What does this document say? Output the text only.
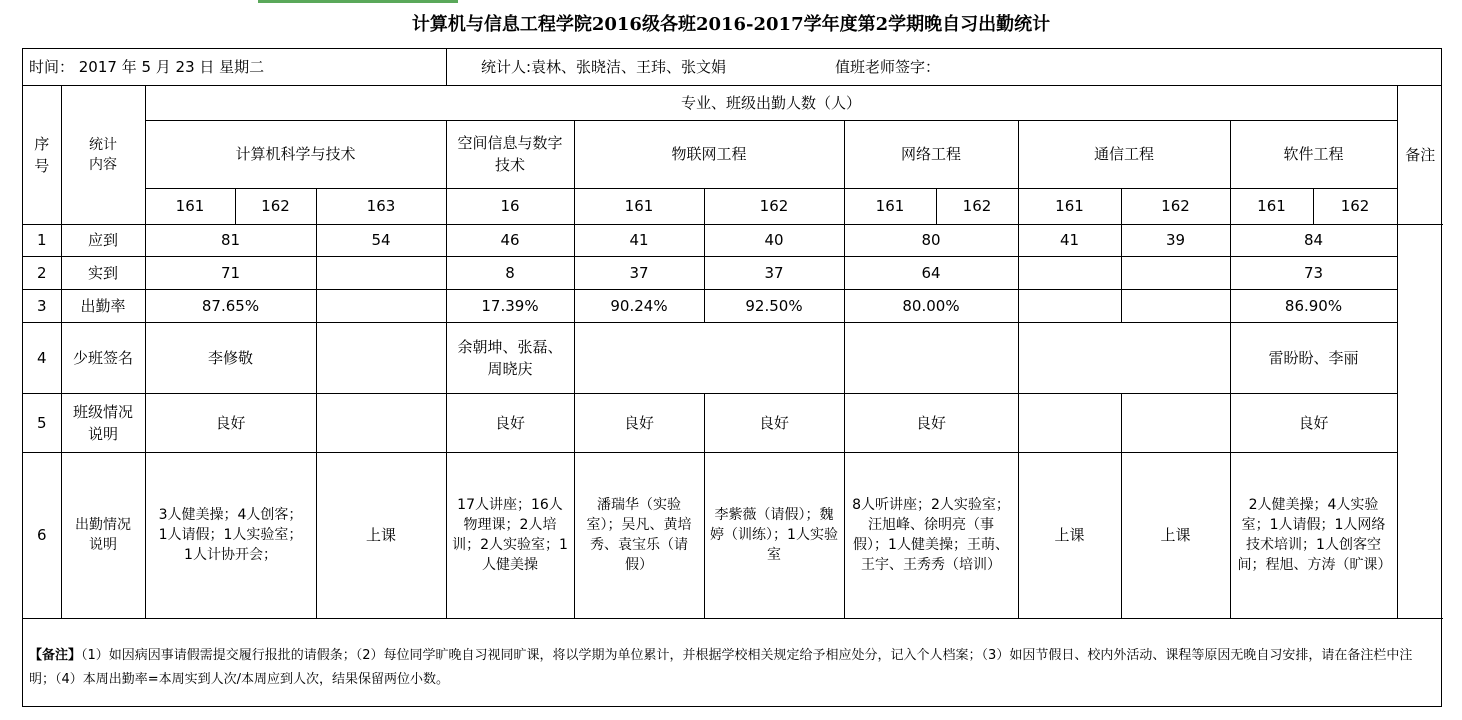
计算机与信息工程学院2016级各班2016-2017学年度第2学期晚自习出勤统计
时间： 2017 年 5 月 23 日 星期二	统计人:袁林、张晓洁、王玮、张文娟	值班老师签字：
序号	统计内容	专业、班级出勤人数（人）												备注
		计算机科学与技术			空间信息与数字技术	物联网工程		网络工程		通信工程		软件工程		
		161	162	163	16	161	162	161	162	161	162	161	162	
1	应到	81		54	46	41	40	80		41	39	84		
2	实到	71			8	37	37	64				73		
3	出勤率	87.65%			17.39%	90.24%	92.50%	80.00%				86.90%		
4	少班签名	李修敬			余朝坤、张磊、周晓庆							雷盼盼、李丽		
5	班级情况说明	良好			良好	良好	良好	良好				良好		
6	出勤情况说明	3人健美操；4人创客；1人请假；1人实验室；1人计协开会；		上课	17人讲座；16人物理课；2人培训；2人实验室；1人健美操	潘瑞华（实验室）；吴凡、黄培秀、袁宝乐（请假）	李紫薇（请假）；魏婷（训练）；1人实验室	8人听讲座；2人实验室；汪旭峰、徐明亮（事假）；1人健美操；王萌、王宇、王秀秀（培训）		上课	上课	2人健美操；4人实验室；1人请假；1人网络技术培训；1人创客空间；程旭、方涛（旷课）		
【备注】（1）如因病因事请假需提交履行报批的请假条；（2）每位同学旷晚自习视同旷课，将以学期为单位累计，并根据学校相关规定给予相应处分，记入个人档案；（3）如因节假日、校内外活动、课程等原因无晚自习安排，请在备注栏中注明；（4）本周出勤率=本周实到人次/本周应到人次，结果保留两位小数。
